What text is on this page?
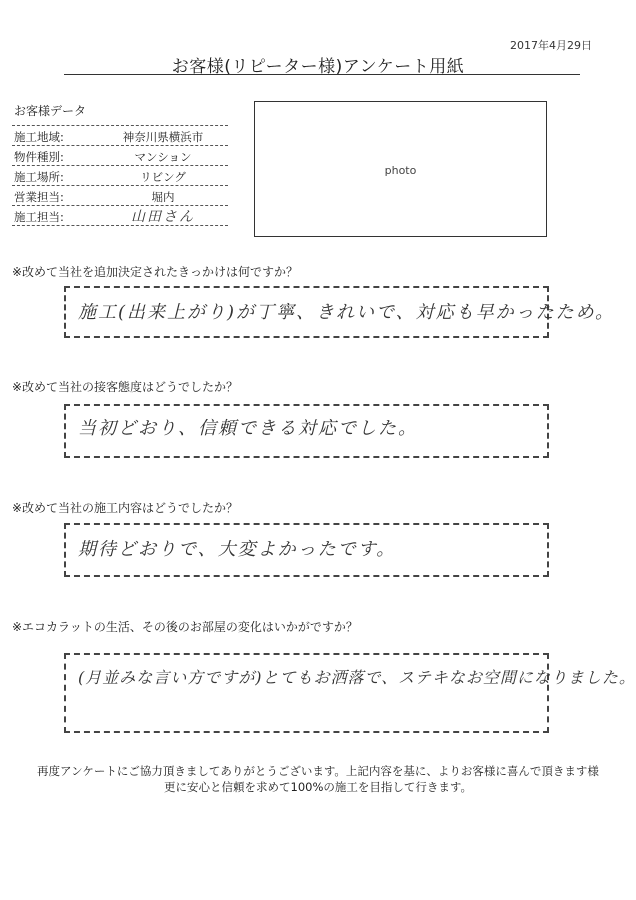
2017年4月29日
お客様(リピーター様)アンケート用紙
お客様データ
施工地域:	神奈川県横浜市
物件種別:	マンション
施工場所:	リビング
営業担当:	堀内
施工担当:	山田さん
photo
※改めて当社を追加決定されたきっかけは何ですか？
施工(出来上がり)が丁寧、きれいで、対応も早かったため。
※改めて当社の接客態度はどうでしたか？
当初どおり、信頼できる対応でした。
※改めて当社の施工内容はどうでしたか？
期待どおりで、大変よかったです。
※エコカラットの生活、その後のお部屋の変化はいかがですか？
(月並みな言い方ですが)とてもお洒落で、ステキなお空間になりました。
再度アンケートにご協力頂きましてありがとうございます。上記内容を基に、よりお客様に喜んで頂きます様
更に安心と信頼を求めて100%の施工を目指して行きます。
